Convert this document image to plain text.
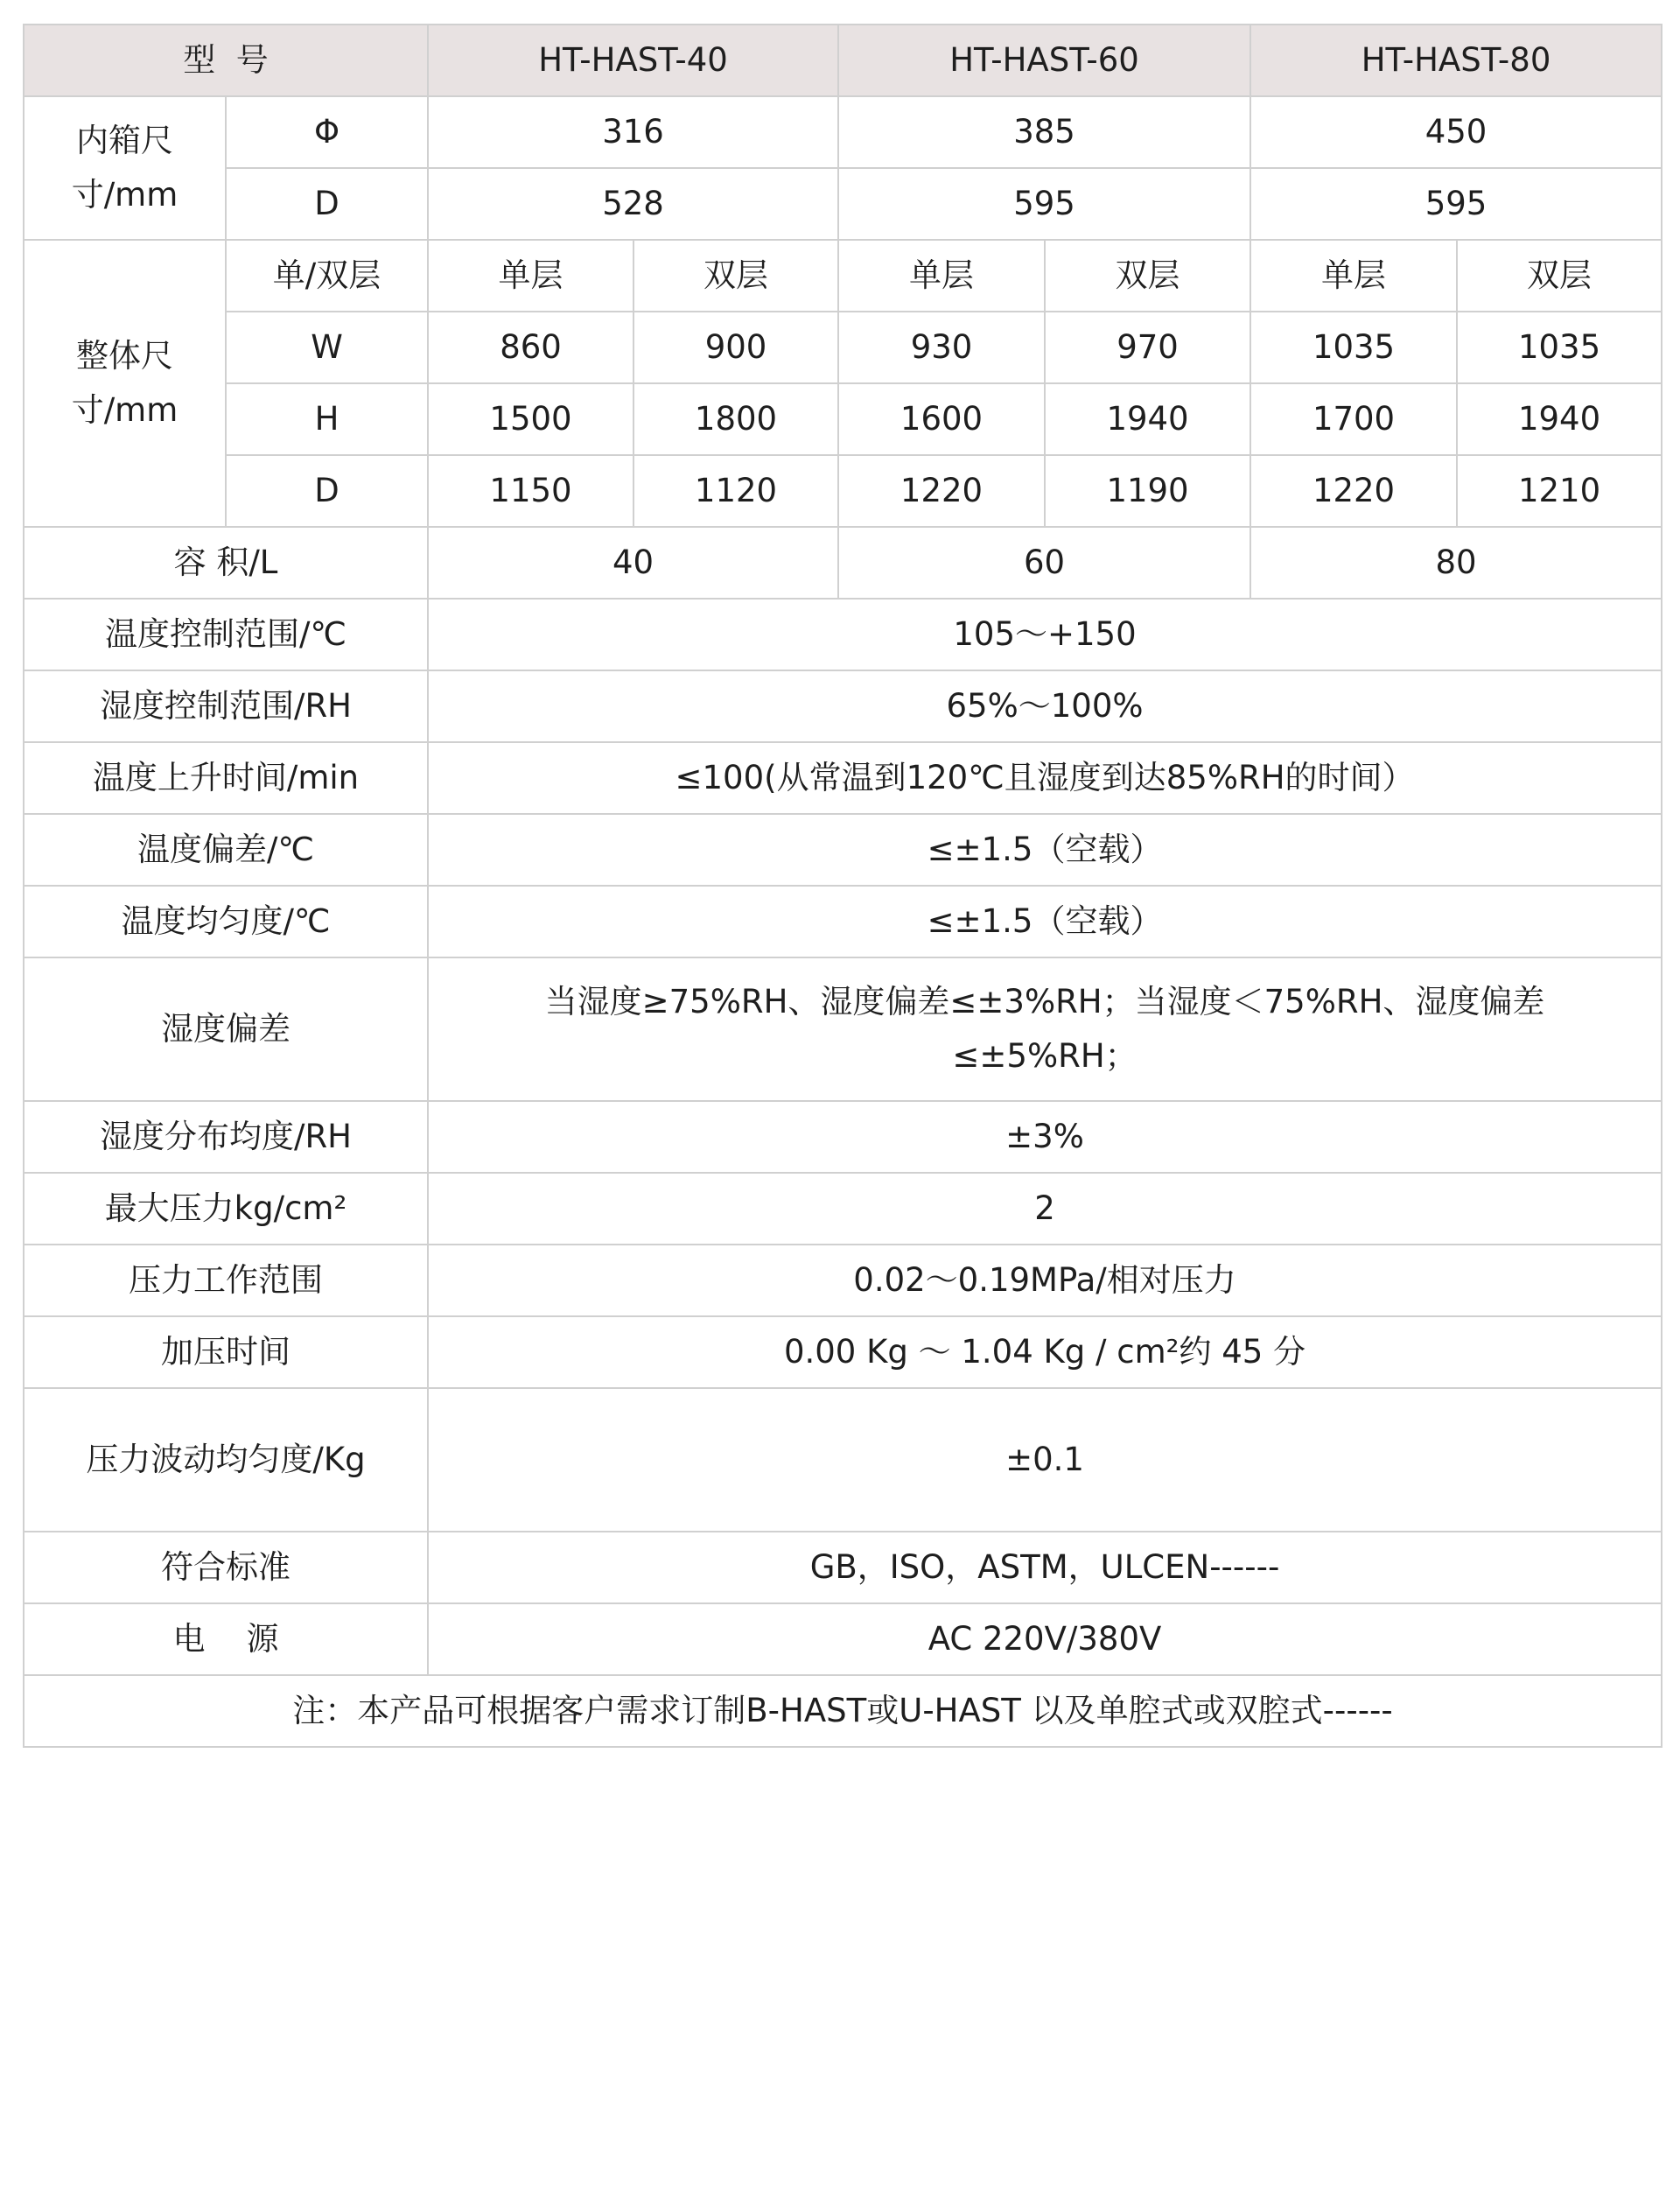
型  号		HT-HAST-40		HT-HAST-60		HT-HAST-80	
内箱尺寸/mm	Φ	316		385		450	
	D	528		595		595	
整体尺寸/mm	单/双层	单层	双层	单层	双层	单层	双层
	W	860	900	930	970	1035	1035
	H	1500	1800	1600	1940	1700	1940
	D	1150	1120	1220	1190	1220	1210
容 积/L		40		60		80	
温度控制范围/℃		105～+150					
湿度控制范围/RH		65%～100%					
温度上升时间/min		≤100(从常温到120℃且湿度到达85%RH的时间）					
温度偏差/℃		≤±1.5（空载）					
温度均匀度/℃		≤±1.5（空载）					
湿度偏差		当湿度≥75%RH、湿度偏差≤±3%RH；当湿度＜75%RH、湿度偏差≤±5%RH；					
湿度分布均度/RH		±3%					
最大压力kg/cm²		2					
压力工作范围		0.02～0.19MPa/相对压力					
加压时间		0.00 Kg ～ 1.04 Kg / cm²约 45 分					
压力波动均匀度/Kg		±0.1					
符合标准		GB，ISO，ASTM，ULCEN------					
电    源		AC 220V/380V					
注：本产品可根据客户需求订制B-HAST或U-HAST 以及单腔式或双腔式------							
